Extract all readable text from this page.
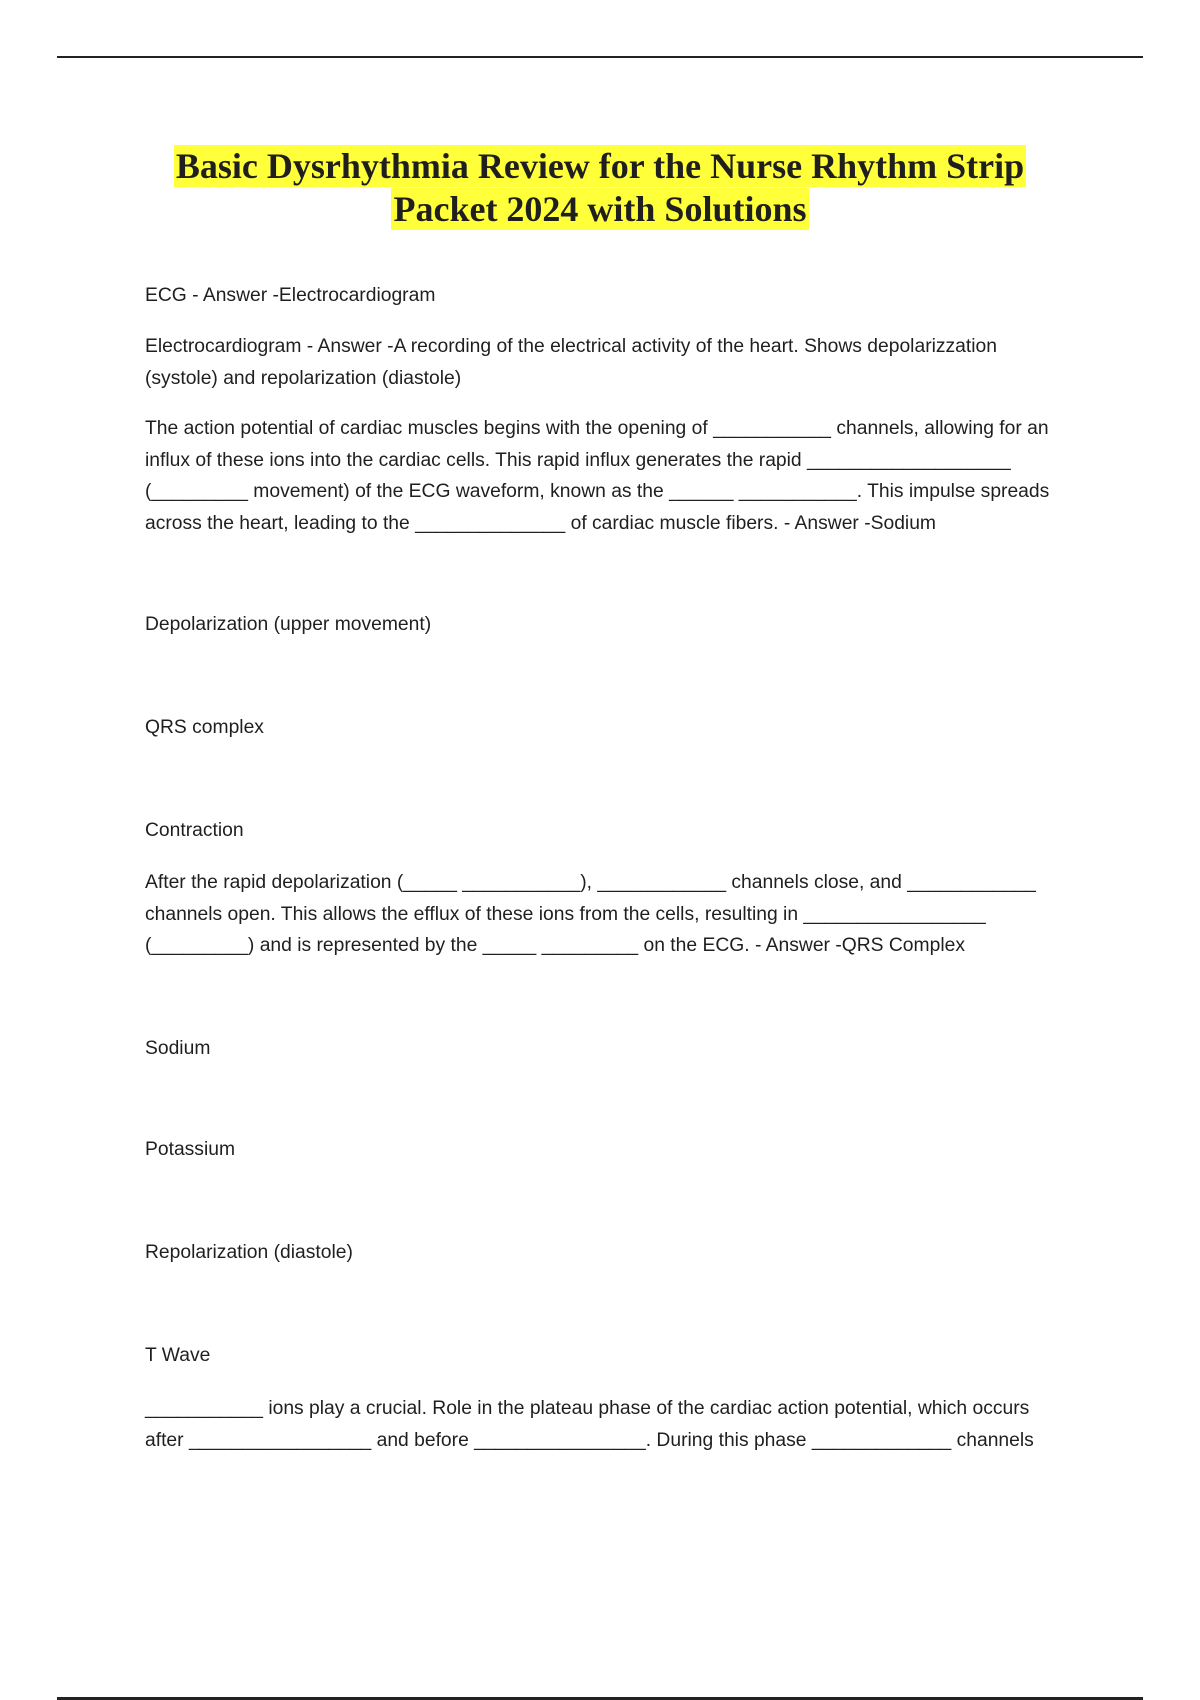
Basic Dysrhythmia Review for the Nurse Rhythm Strip
Packet 2024 with Solutions

ECG - Answer -Electrocardiogram

Electrocardiogram - Answer -A recording of the electrical activity of the heart. Shows depolarizzation
(systole) and repolarization (diastole)

The action potential of cardiac muscles begins with the opening of ___________ channels, allowing for an
influx of these ions into the cardiac cells. This rapid influx generates the rapid ___________________
(_________ movement) of the ECG waveform, known as the ______ ___________. This impulse spreads
across the heart, leading to the ______________ of cardiac muscle fibers. - Answer -Sodium

Depolarization (upper movement)

QRS complex

Contraction

After the rapid depolarization (_____ ___________), ____________ channels close, and ____________
channels open. This allows the efflux of these ions from the cells, resulting in _________________
(_________) and is represented by the _____ _________ on the ECG. - Answer -QRS Complex

Sodium

Potassium

Repolarization (diastole)

T Wave

___________ ions play a crucial. Role in the plateau phase of the cardiac action potential, which occurs
after _________________ and before ________________. During this phase _____________ channels
